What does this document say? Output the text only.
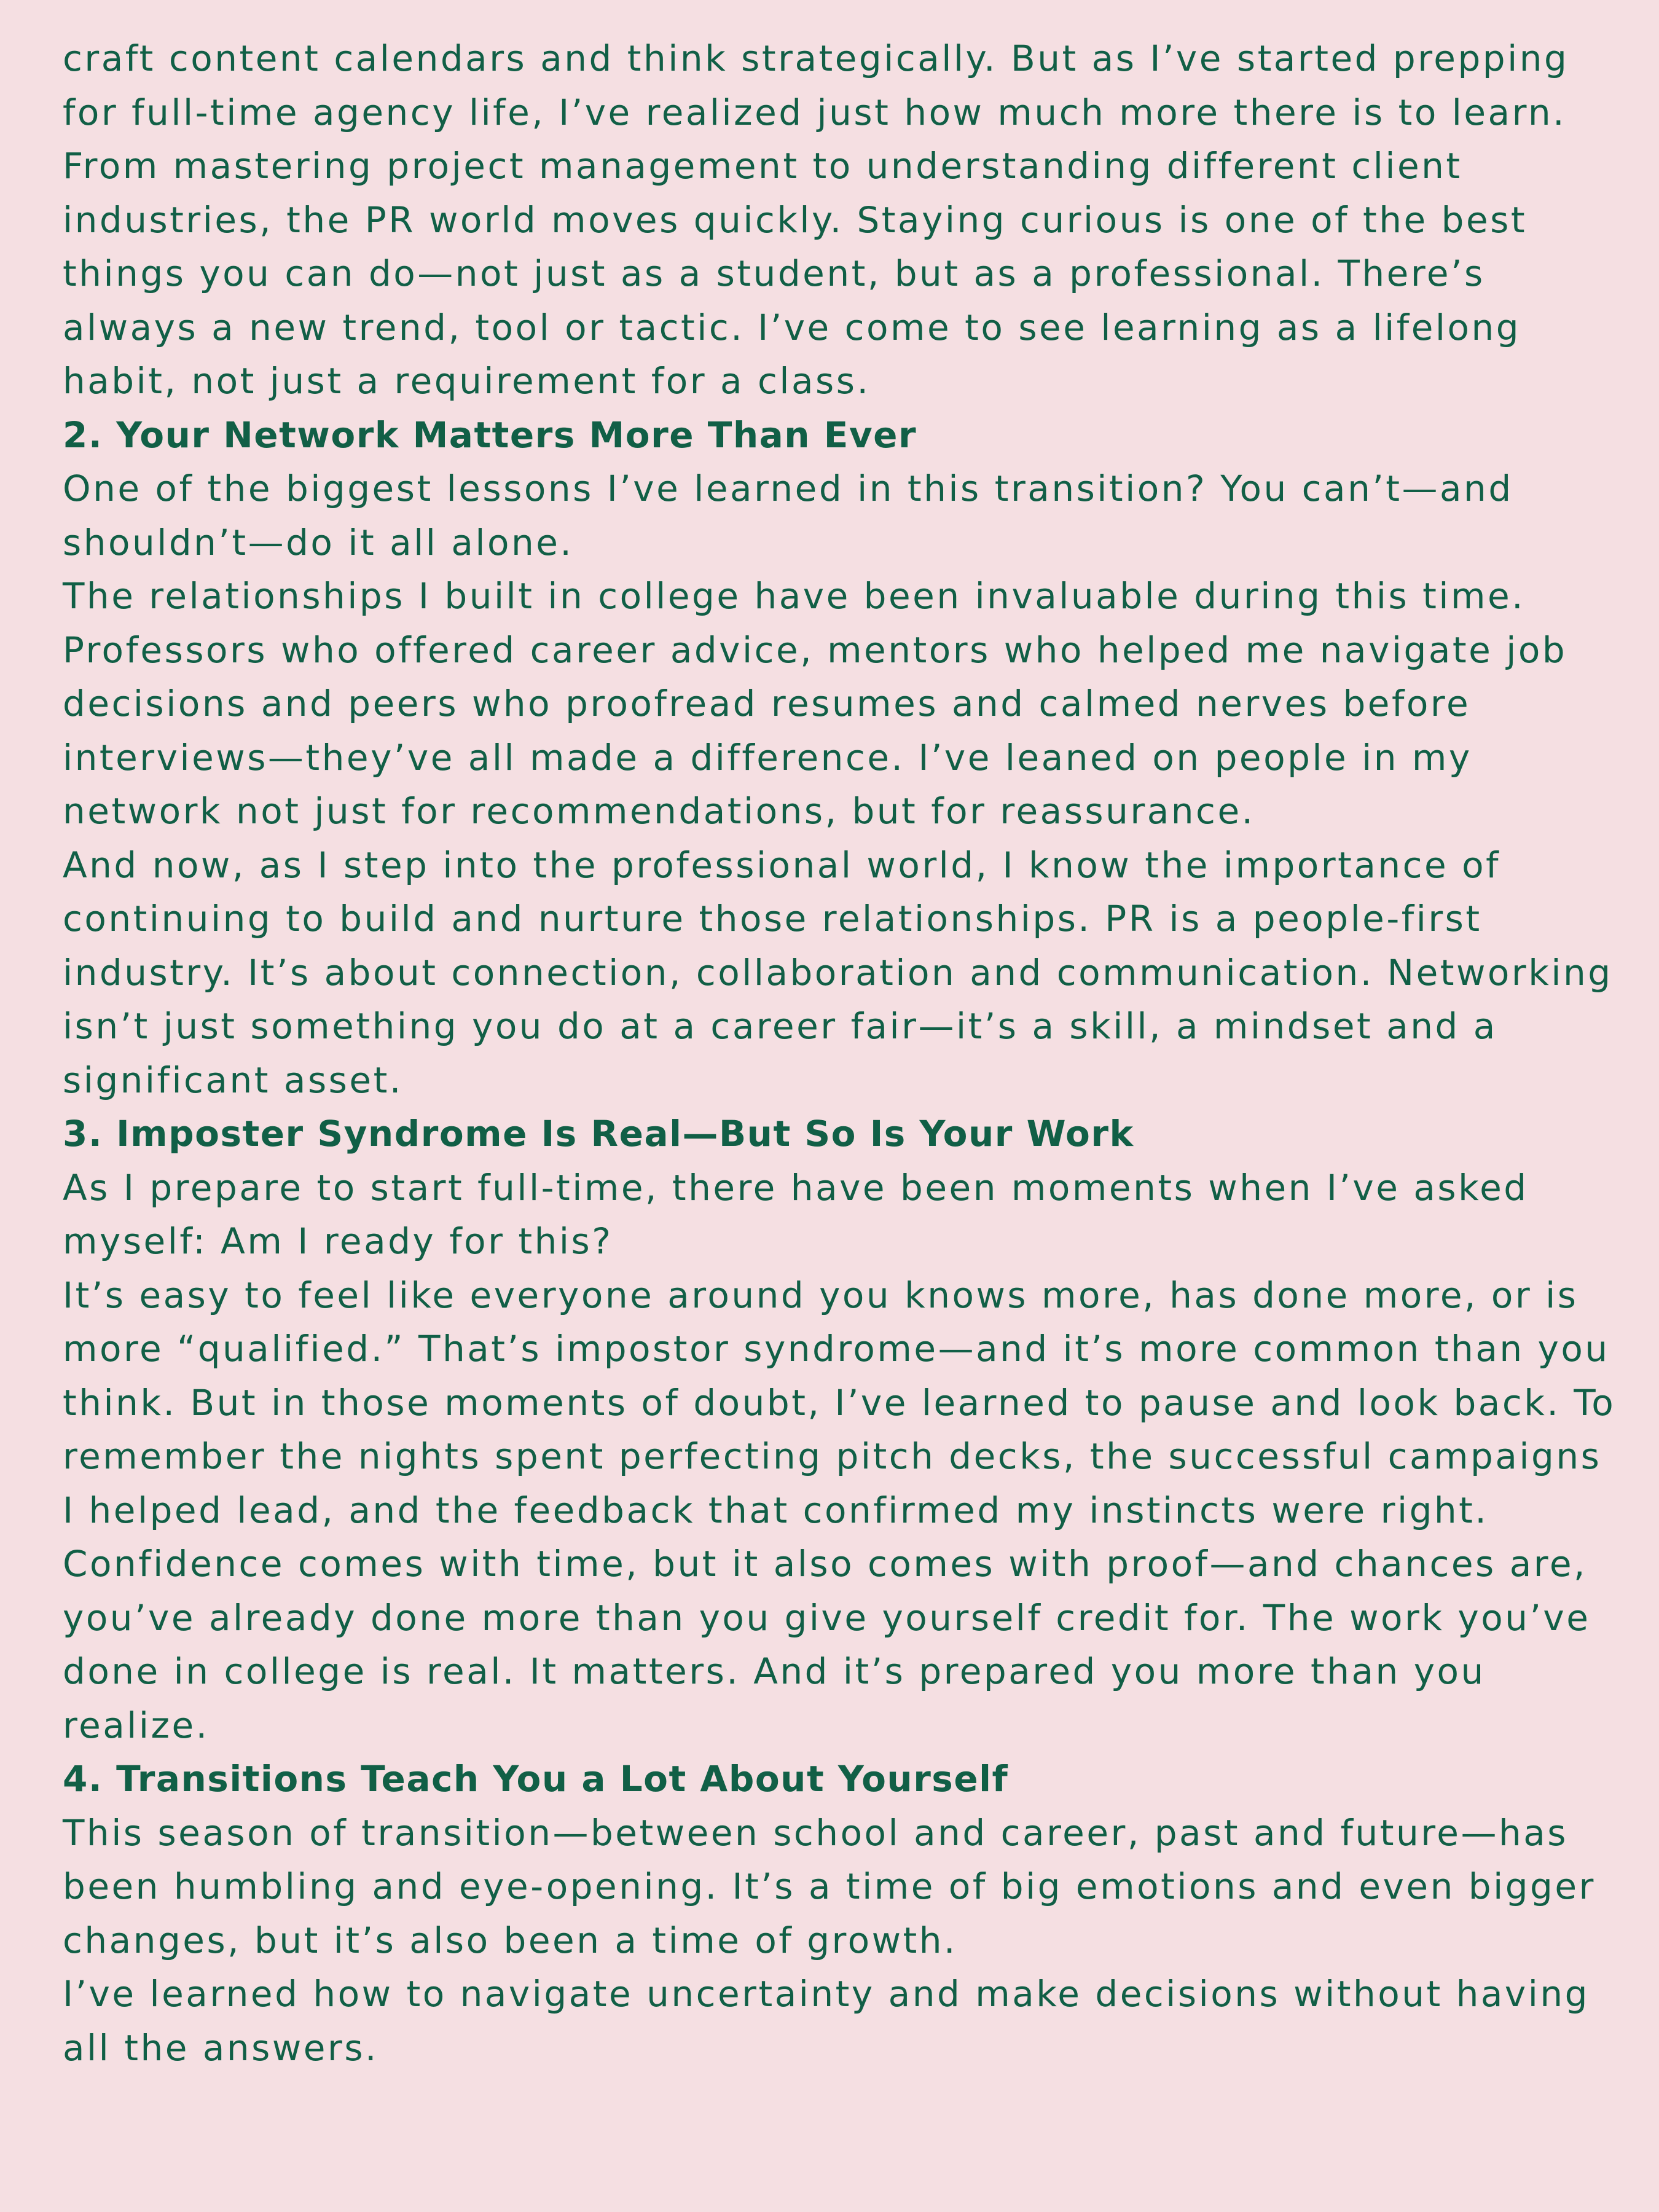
craft content calendars and think strategically. But as I’ve started prepping for full-time agency life, I’ve realized just how much more there is to learn.

From mastering project management to understanding different client industries, the PR world moves quickly. Staying curious is one of the best things you can do—not just as a student, but as a professional. There’s always a new trend, tool or tactic. I’ve come to see learning as a lifelong habit, not just a requirement for a class.

2. Your Network Matters More Than Ever

One of the biggest lessons I’ve learned in this transition? You can’t—and shouldn’t—do it all alone.

The relationships I built in college have been invaluable during this time. Professors who offered career advice, mentors who helped me navigate job decisions and peers who proofread resumes and calmed nerves before interviews—they’ve all made a difference. I’ve leaned on people in my network not just for recommendations, but for reassurance.

And now, as I step into the professional world, I know the importance of continuing to build and nurture those relationships. PR is a people-first industry. It’s about connection, collaboration and communication. Networking isn’t just something you do at a career fair—it’s a skill, a mindset and a significant asset.

3. Imposter Syndrome Is Real—But So Is Your Work

As I prepare to start full-time, there have been moments when I’ve asked myself: Am I ready for this?

It’s easy to feel like everyone around you knows more, has done more, or is more “qualified.” That’s impostor syndrome—and it’s more common than you think. But in those moments of doubt, I’ve learned to pause and look back. To remember the nights spent perfecting pitch decks, the successful campaigns I helped lead, and the feedback that confirmed my instincts were right.

Confidence comes with time, but it also comes with proof—and chances are, you’ve already done more than you give yourself credit for. The work you’ve done in college is real. It matters. And it’s prepared you more than you realize.

4. Transitions Teach You a Lot About Yourself

This season of transition—between school and career, past and future—has been humbling and eye-opening. It’s a time of big emotions and even bigger changes, but it’s also been a time of growth.

I’ve learned how to navigate uncertainty and make decisions without having all the answers.
